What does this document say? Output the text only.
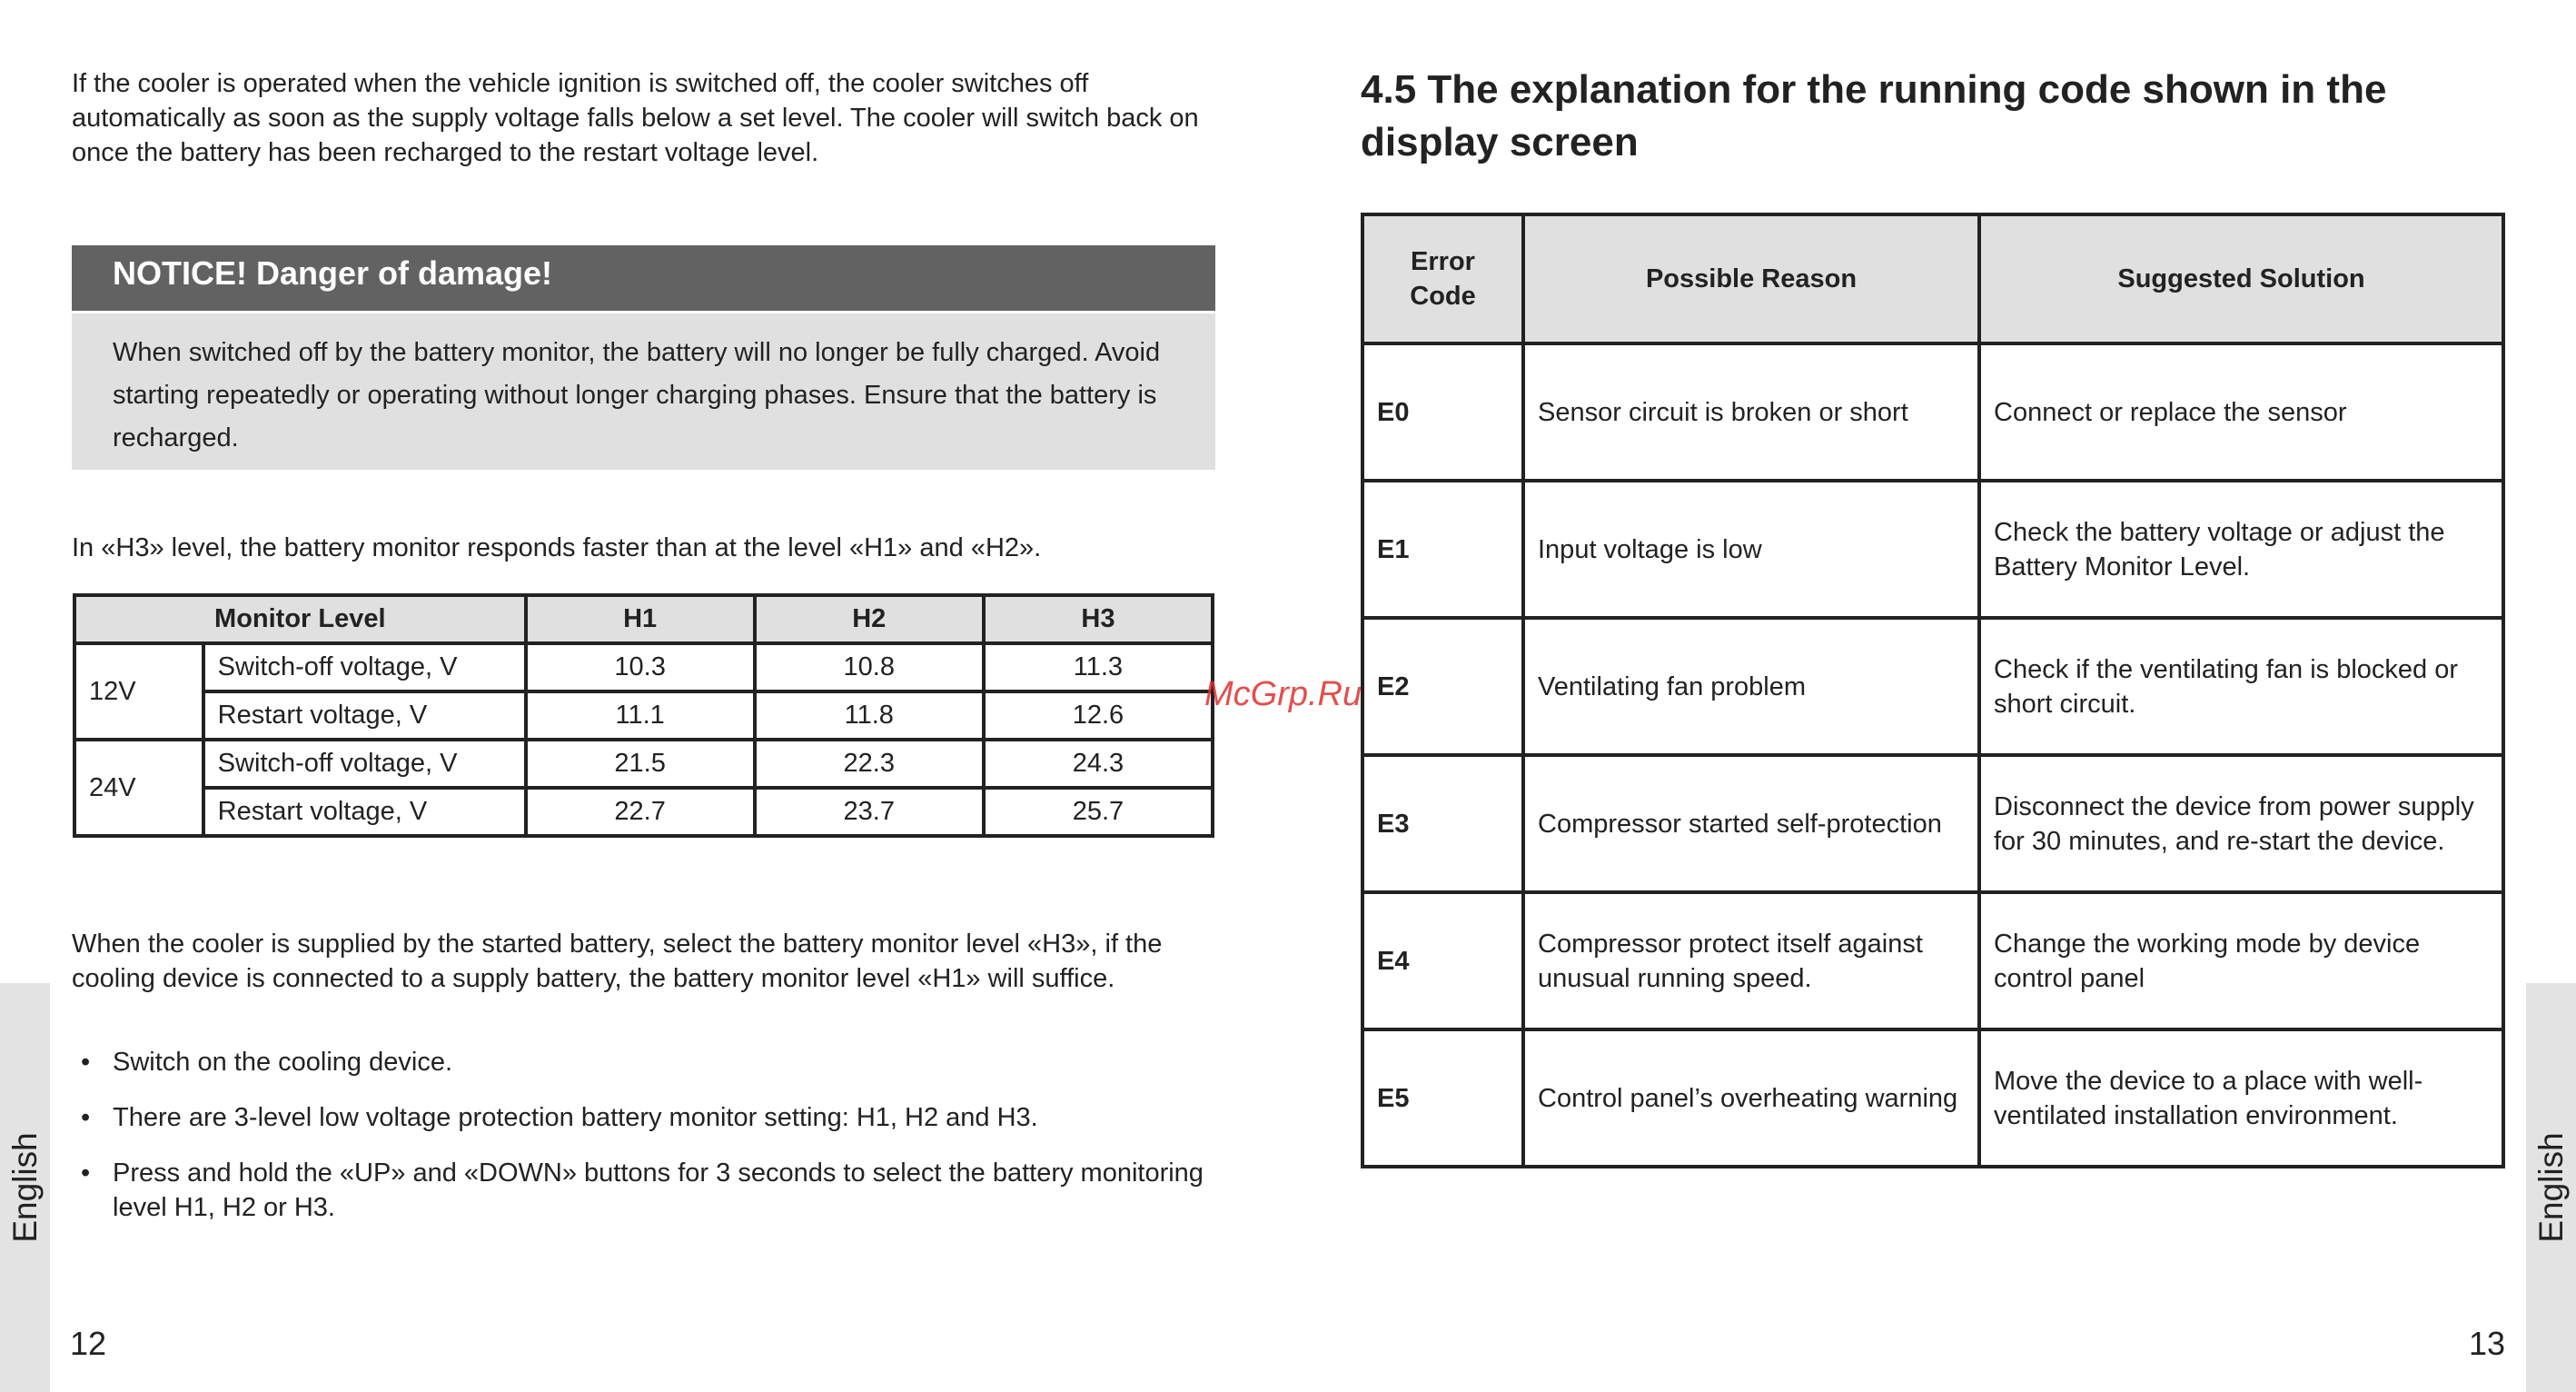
If the cooler is operated when the vehicle ignition is switched off, the cooler switches off automatically as soon as the supply voltage falls below a set level. The cooler will switch back on once the battery has been recharged to the restart voltage level.

NOTICE! Danger of damage!
When switched off by the battery monitor, the battery will no longer be fully charged. Avoid starting repeatedly or operating without longer charging phases. Ensure that the battery is recharged.

In «H3» level, the battery monitor responds faster than at the level «H1» and «H2».

Monitor Level		H1	H2	H3
12V	Switch-off voltage, V	10.3	10.8	11.3
	Restart voltage, V	11.1	11.8	12.6
24V	Switch-off voltage, V	21.5	22.3	24.3
	Restart voltage, V	22.7	23.7	25.7

When the cooler is supplied by the started battery, select the battery monitor level «H3», if the cooling device is connected to a supply battery, the battery monitor level «H1» will suffice.

• Switch on the cooling device.
• There are 3-level low voltage protection battery monitor setting: H1, H2 and H3.
• Press and hold the «UP» and «DOWN» buttons for 3 seconds to select the battery monitoring level H1, H2 or H3.
English
12
4.5 The explanation for the running code shown in the display screen
Error Code	Possible Reason	Suggested Solution
E0	Sensor circuit is broken or short	Connect or replace the sensor
E1	Input voltage is low	Check the battery voltage or adjust the Battery Monitor Level.
E2	Ventilating fan problem	Check if the ventilating fan is blocked or short circuit.
E3	Compressor started self-protection	Disconnect the device from power supply for 30 minutes, and re-start the device.
E4	Compressor protect itself against unusual running speed.	Change the working mode by device control panel
E5	Control panel’s overheating warning	Move the device to a place with well-ventilated installation environment.
English
13
McGrp.Ru
